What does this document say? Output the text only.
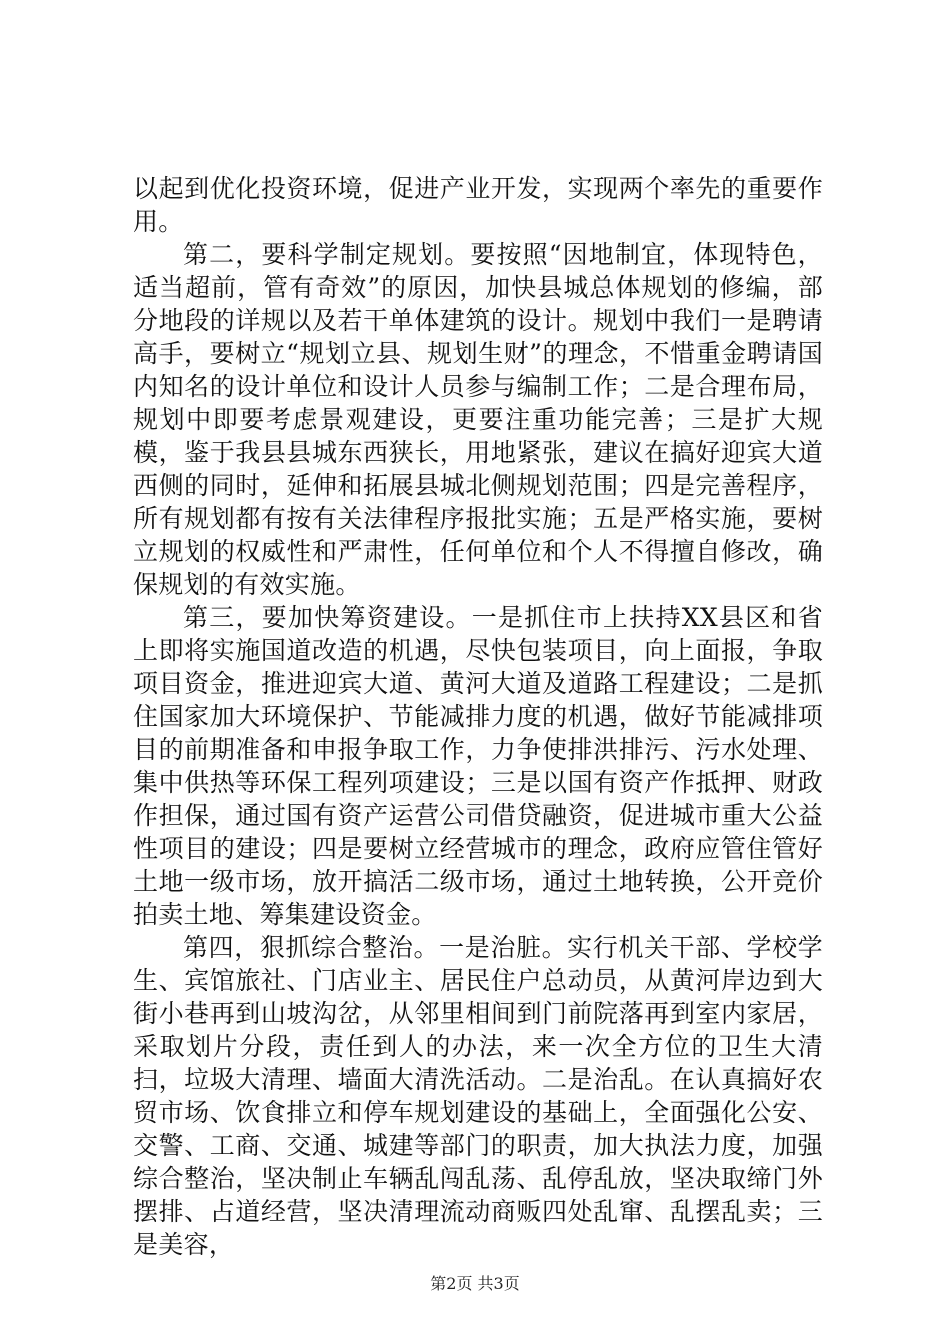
以起到优化投资环境，促进产业开发，实现两个率先的重要作用。

第二，要科学制定规划。要按照“因地制宜，体现特色，适当超前，管有奇效”的原因，加快县城总体规划的修编，部分地段的详规以及若干单体建筑的设计。规划中我们一是聘请高手，要树立“规划立县、规划生财”的理念，不惜重金聘请国内知名的设计单位和设计人员参与编制工作；二是合理布局，规划中即要考虑景观建设，更要注重功能完善；三是扩大规模，鉴于我县县城东西狭长，用地紧张，建议在搞好迎宾大道西侧的同时，延伸和拓展县城北侧规划范围；四是完善程序，所有规划都有按有关法律程序报批实施；五是严格实施，要树立规划的权威性和严肃性，任何单位和个人不得擅自修改，确保规划的有效实施。

第三，要加快筹资建设。一是抓住市上扶持XX县区和省上即将实施国道改造的机遇，尽快包装项目，向上面报，争取项目资金，推进迎宾大道、黄河大道及道路工程建设；二是抓住国家加大环境保护、节能减排力度的机遇，做好节能减排项目的前期准备和申报争取工作，力争使排洪排污、污水处理、集中供热等环保工程列项建设；三是以国有资产作抵押、财政作担保，通过国有资产运营公司借贷融资，促进城市重大公益性项目的建设；四是要树立经营城市的理念，政府应管住管好土地一级市场，放开搞活二级市场，通过土地转换，公开竞价拍卖土地、筹集建设资金。

第四，狠抓综合整治。一是治脏。实行机关干部、学校学生、宾馆旅社、门店业主、居民住户总动员，从黄河岸边到大街小巷再到山坡沟岔，从邻里相间到门前院落再到室内家居，采取划片分段，责任到人的办法，来一次全方位的卫生大清扫，垃圾大清理、墙面大清洗活动。二是治乱。在认真搞好农贸市场、饮食排立和停车规划建设的基础上，全面强化公安、交警、工商、交通、城建等部门的职责，加大执法力度，加强综合整治，坚决制止车辆乱闯乱荡、乱停乱放，坚决取缔门外摆排、占道经营，坚决清理流动商贩四处乱窜、乱摆乱卖；三是美容，

第2页 共3页
